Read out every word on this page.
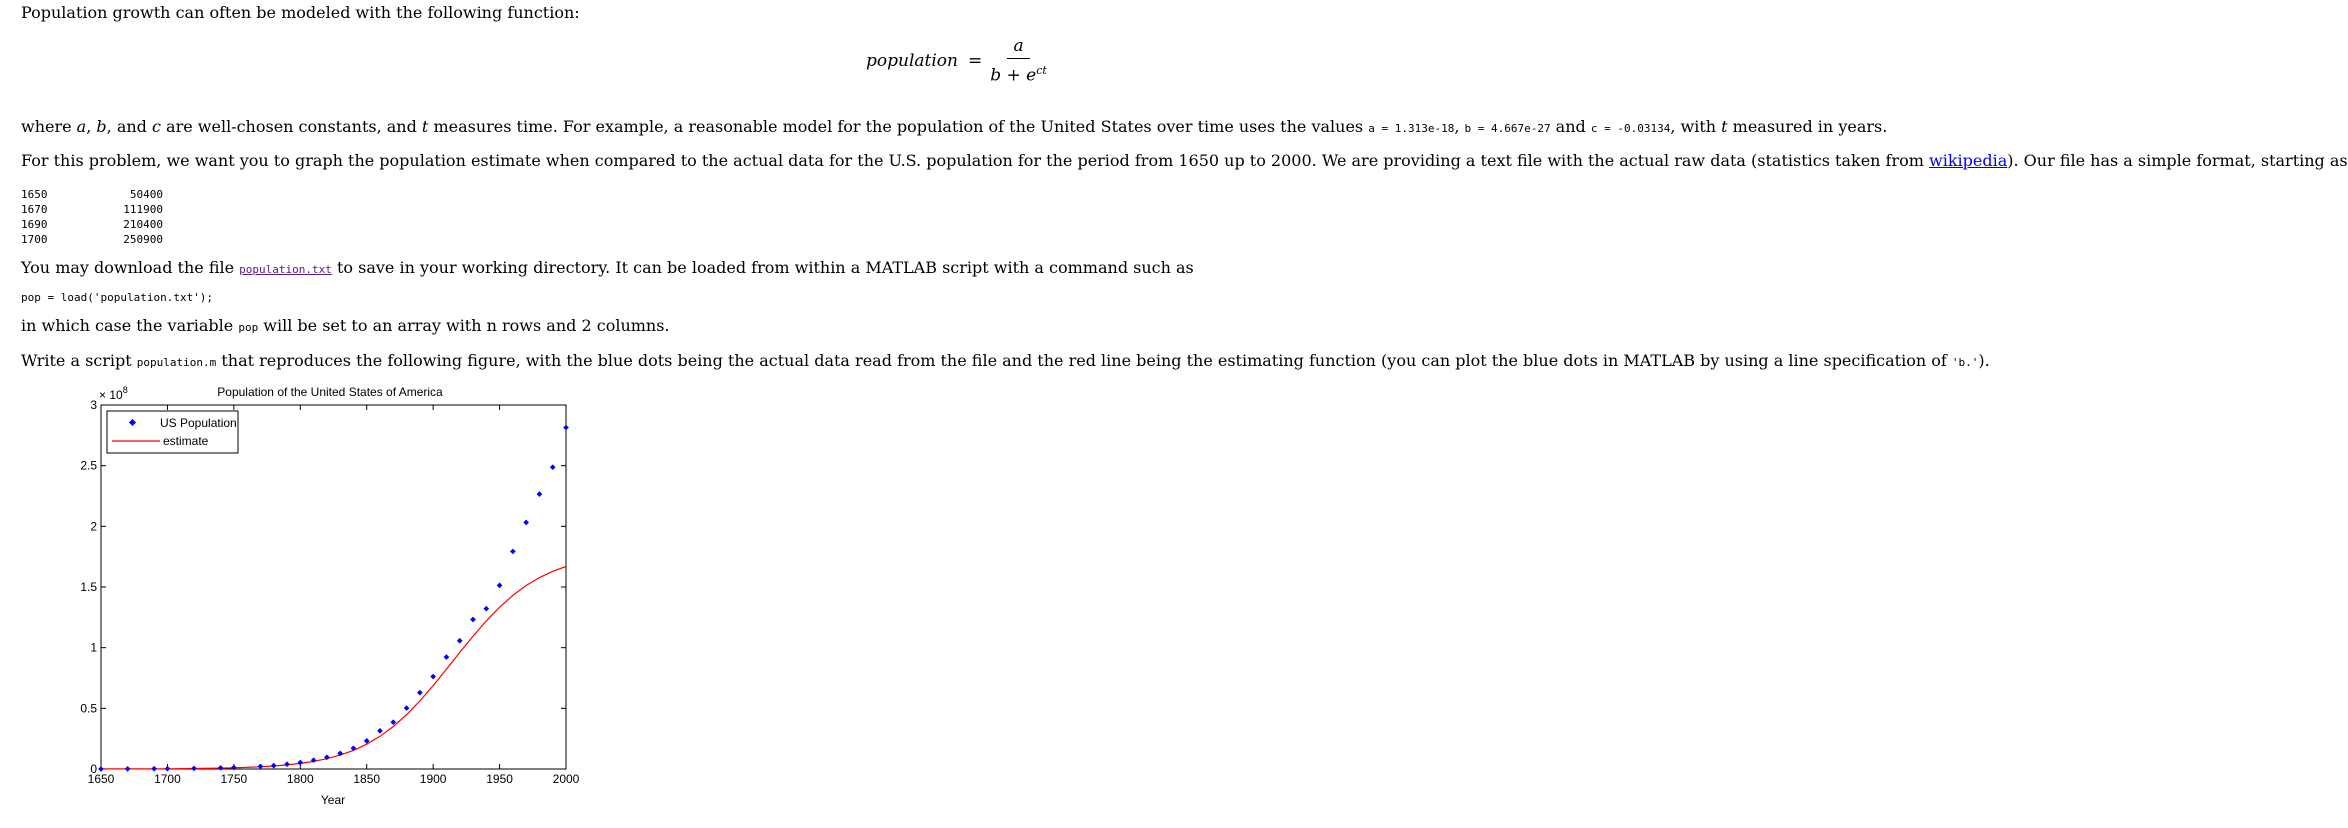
Population growth can often be modeled with the following function:
population = $\frac{a}{b + e^{ct}}$
where a, b, and c are well-chosen constants, and t measures time. For example, a reasonable model for the population of the United States over time uses the values a = 1.313e-18, b = 4.667e-27 and c = -0.03134, with t measured in years.
For this problem, we want you to graph the population estimate when compared to the actual data for the U.S. population for the period from 1650 up to 2000. We are providing a text file with the actual raw data (statistics taken from wikipedia). Our file has a simple format, starting as
1650	50400
1670	111900
1690	210400
1700	250900
You may download the file population.txt to save in your working directory. It can be loaded from within a MATLAB script with a command such as
pop = load('population.txt');
in which case the variable pop will be set to an array with n rows and 2 columns.
Write a script population.m that reproduces the following figure, with the blue dots being the actual data read from the file and the red line being the estimating function (you can plot the blue dots in MATLAB by using a line specification of 'b.').
Population of the United States of America
× $10^8$
1650	1700	1750	1800	1850	1900	1950	2000
0
0.5
1
1.5
2
2.5
3
Year
US Population
estimate
